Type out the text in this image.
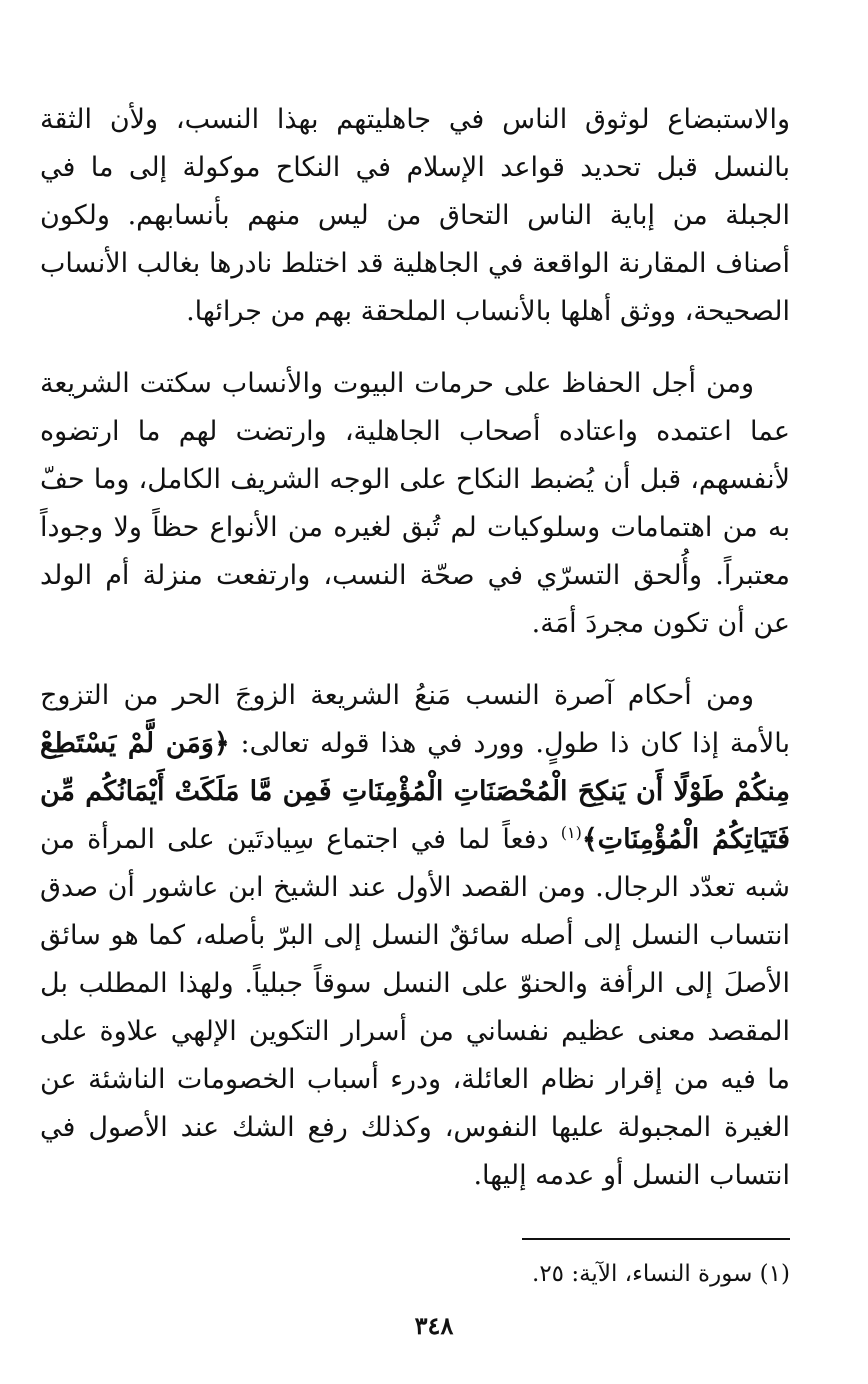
والاستبضاع لوثوق الناس في جاهليتهم بهذا النسب، ولأن الثقة بالنسل قبل تحديد قواعد الإسلام في النكاح موكولة إلى ما في الجبلة من إباية الناس التحاق من ليس منهم بأنسابهم. ولكون أصناف المقارنة الواقعة في الجاهلية قد اختلط نادرها بغالب الأنساب الصحيحة، ووثق أهلها بالأنساب الملحقة بهم من جرائها.

ومن أجل الحفاظ على حرمات البيوت والأنساب سكتت الشريعة عما اعتمده واعتاده أصحاب الجاهلية، وارتضت لهم ما ارتضوه لأنفسهم، قبل أن يُضبط النكاح على الوجه الشريف الكامل، وما حفّ به من اهتمامات وسلوكيات لم تُبق لغيره من الأنواع حظاً ولا وجوداً معتبراً. وأُلحق التسرّي في صحّة النسب، وارتفعت منزلة أم الولد عن أن تكون مجردَ أمَة.

ومن أحكام آصرة النسب مَنعُ الشريعة الزوجَ الحر من التزوج بالأمة إذا كان ذا طولٍ. وورد في هذا قوله تعالى: ﴿وَمَن لَّمْ يَسْتَطِعْ مِنكُمْ طَوْلًا أَن يَنكِحَ الْمُحْصَنَاتِ الْمُؤْمِنَاتِ فَمِن مَّا مَلَكَتْ أَيْمَانُكُم مِّن فَتَيَاتِكُمُ الْمُؤْمِنَاتِ﴾$^{(١)}$ دفعاً لما في اجتماع سِيادتَين على المرأة من شبه تعدّد الرجال. ومن القصد الأول عند الشيخ ابن عاشور أن صدق انتساب النسل إلى أصله سائقٌ النسل إلى البرّ بأصله، كما هو سائق الأصلَ إلى الرأفة والحنوّ على النسل سوقاً جبلياً. ولهذا المطلب بل المقصد معنى عظيم نفساني من أسرار التكوين الإلهي علاوة على ما فيه من إقرار نظام العائلة، ودرء أسباب الخصومات الناشئة عن الغيرة المجبولة عليها النفوس، وكذلك رفع الشك عند الأصول في انتساب النسل أو عدمه إليها.

(١) سورة النساء، الآية: ٢٥.
٣٤٨
